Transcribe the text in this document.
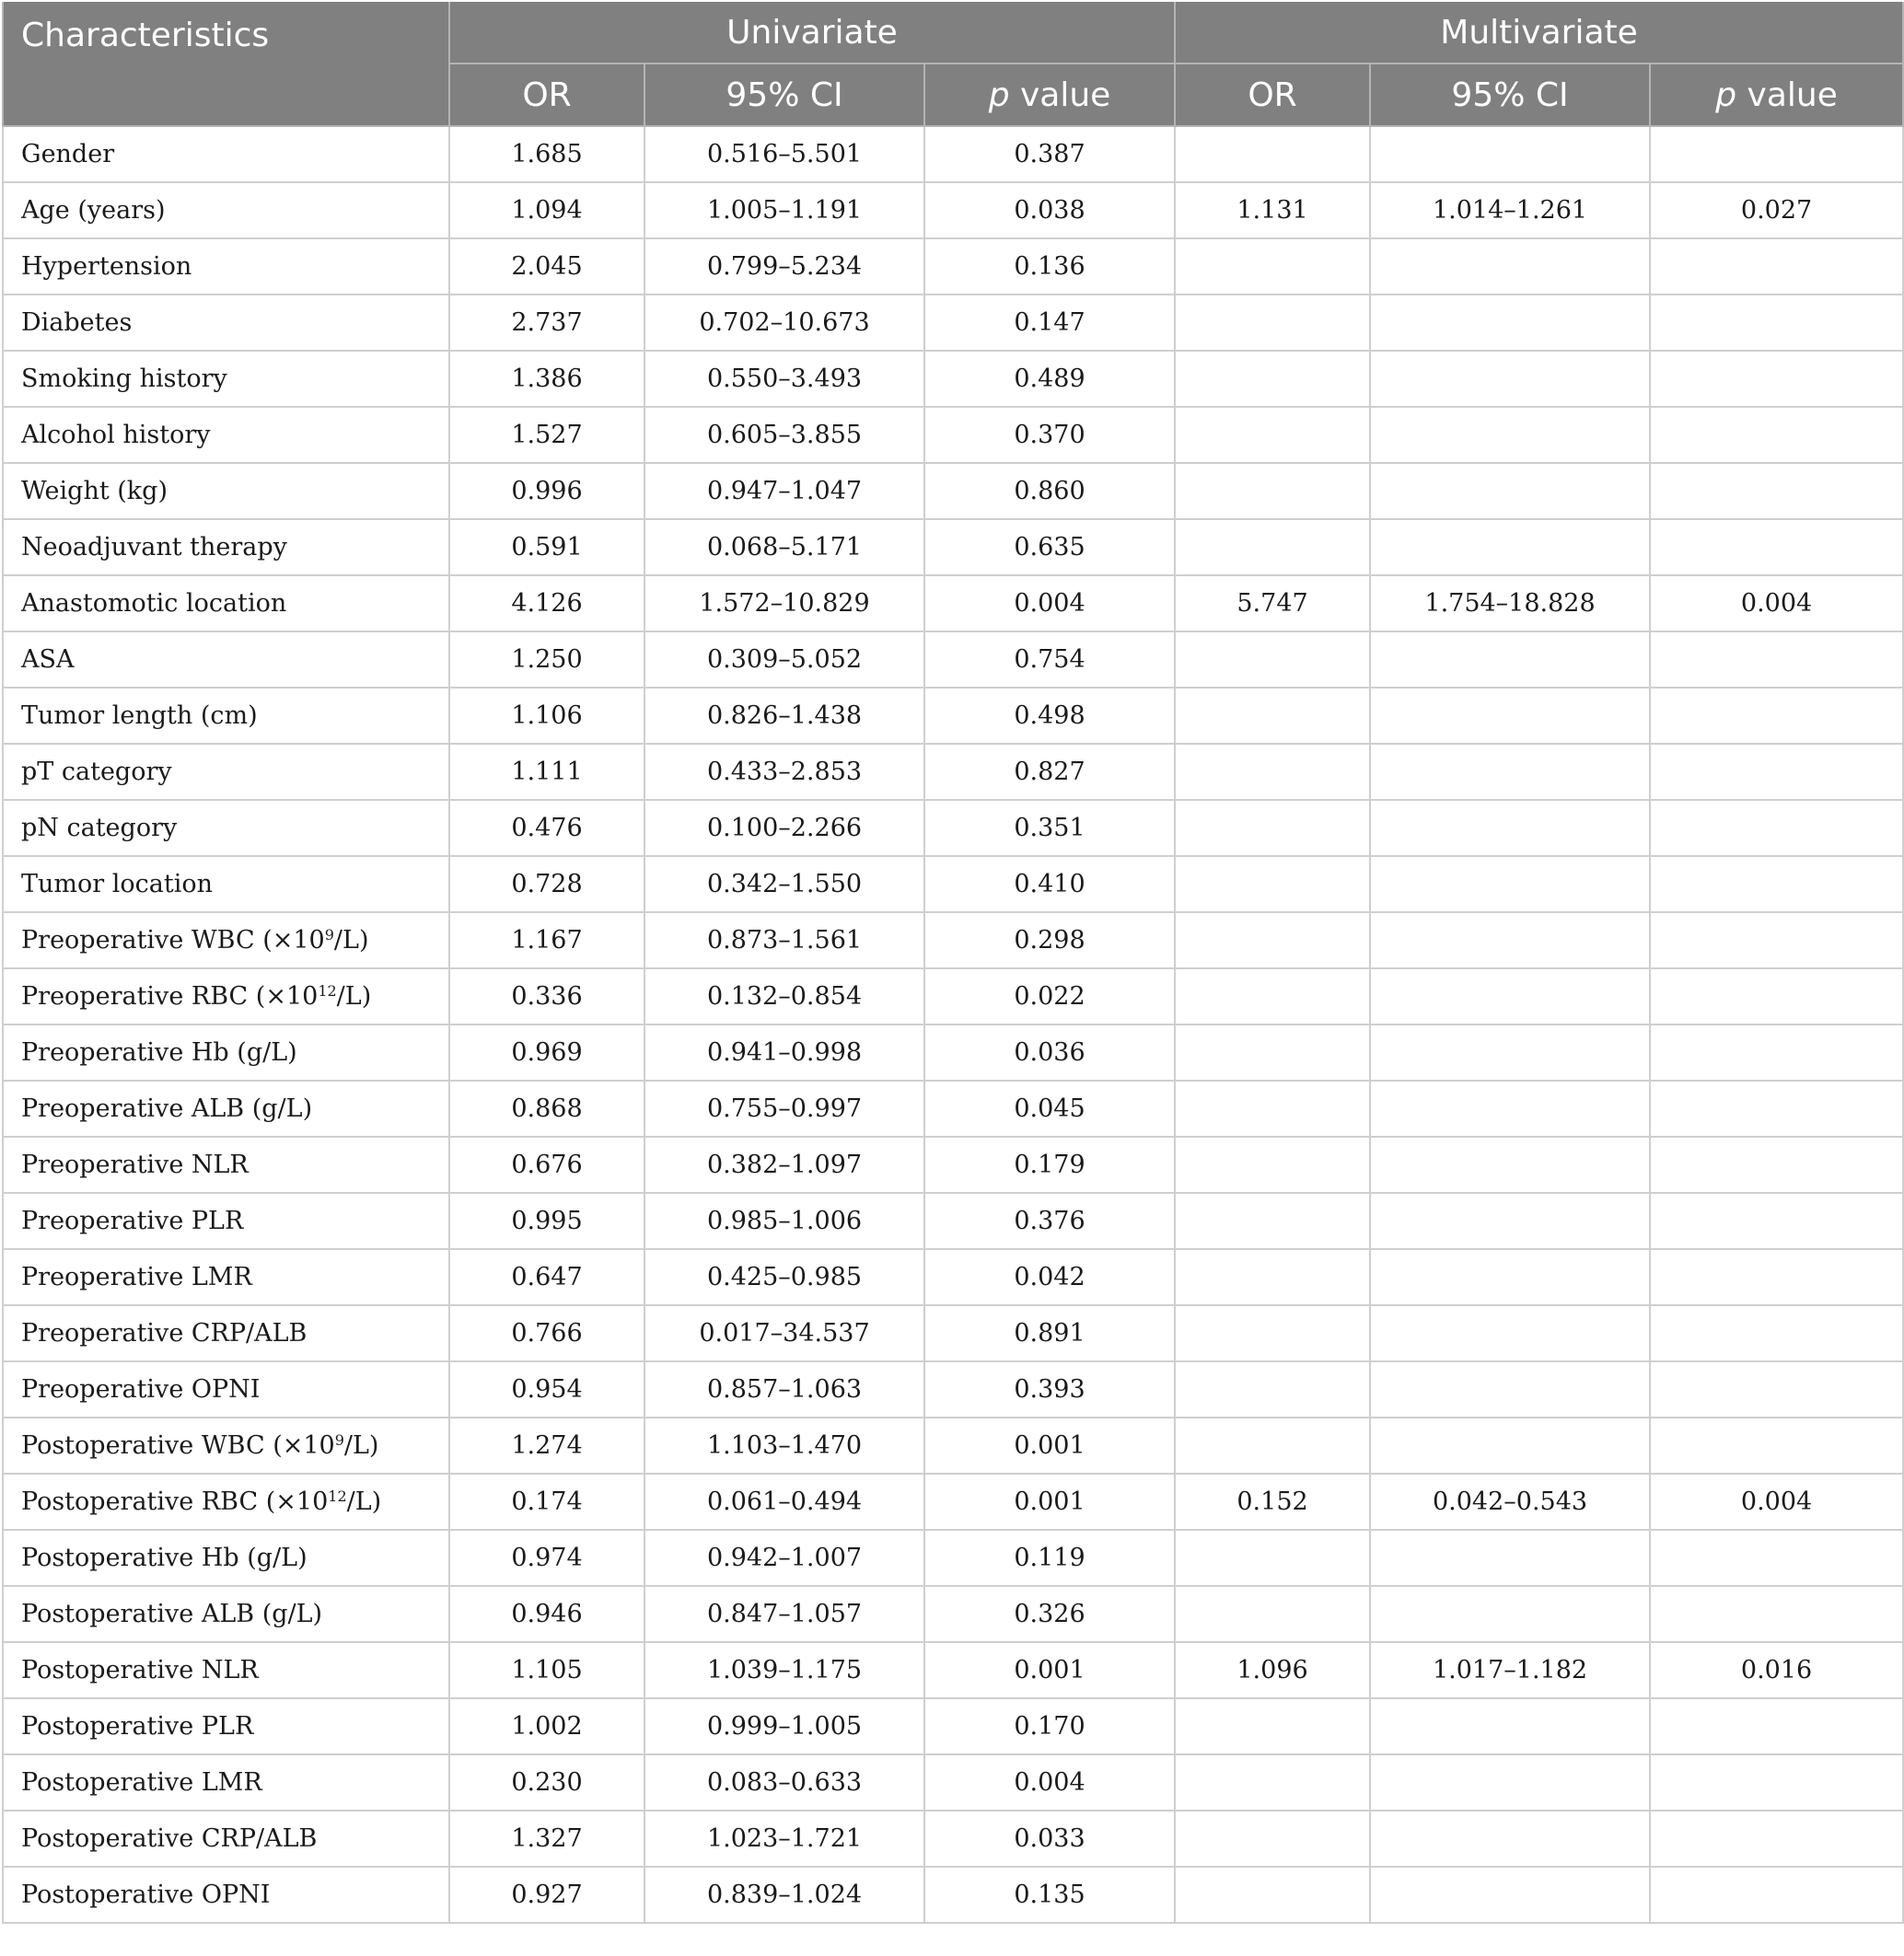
Characteristics	Univariate			Multivariate		
	OR	95% CI	p value	OR	95% CI	p value
Gender	1.685	0.516–5.501	0.387			
Age (years)	1.094	1.005–1.191	0.038	1.131	1.014–1.261	0.027
Hypertension	2.045	0.799–5.234	0.136			
Diabetes	2.737	0.702–10.673	0.147			
Smoking history	1.386	0.550–3.493	0.489			
Alcohol history	1.527	0.605–3.855	0.370			
Weight (kg)	0.996	0.947–1.047	0.860			
Neoadjuvant therapy	0.591	0.068–5.171	0.635			
Anastomotic location	4.126	1.572–10.829	0.004	5.747	1.754–18.828	0.004
ASA	1.250	0.309–5.052	0.754			
Tumor length (cm)	1.106	0.826–1.438	0.498			
pT category	1.111	0.433–2.853	0.827			
pN category	0.476	0.100–2.266	0.351			
Tumor location	0.728	0.342–1.550	0.410			
Preoperative WBC $(\times 10^9/L)$	1.167	0.873–1.561	0.298			
Preoperative RBC $(\times 10^{12}/L)$	0.336	0.132–0.854	0.022			
Preoperative Hb (g/L)	0.969	0.941–0.998	0.036			
Preoperative ALB (g/L)	0.868	0.755–0.997	0.045			
Preoperative NLR	0.676	0.382–1.097	0.179			
Preoperative PLR	0.995	0.985–1.006	0.376			
Preoperative LMR	0.647	0.425–0.985	0.042			
Preoperative CRP/ALB	0.766	0.017–34.537	0.891			
Preoperative OPNI	0.954	0.857–1.063	0.393			
Postoperative WBC $(\times 10^9/L)$	1.274	1.103–1.470	0.001			
Postoperative RBC $(\times 10^{12}/L)$	0.174	0.061–0.494	0.001	0.152	0.042–0.543	0.004
Postoperative Hb (g/L)	0.974	0.942–1.007	0.119			
Postoperative ALB (g/L)	0.946	0.847–1.057	0.326			
Postoperative NLR	1.105	1.039–1.175	0.001	1.096	1.017–1.182	0.016
Postoperative PLR	1.002	0.999–1.005	0.170			
Postoperative LMR	0.230	0.083–0.633	0.004			
Postoperative CRP/ALB	1.327	1.023–1.721	0.033			
Postoperative OPNI	0.927	0.839–1.024	0.135			
